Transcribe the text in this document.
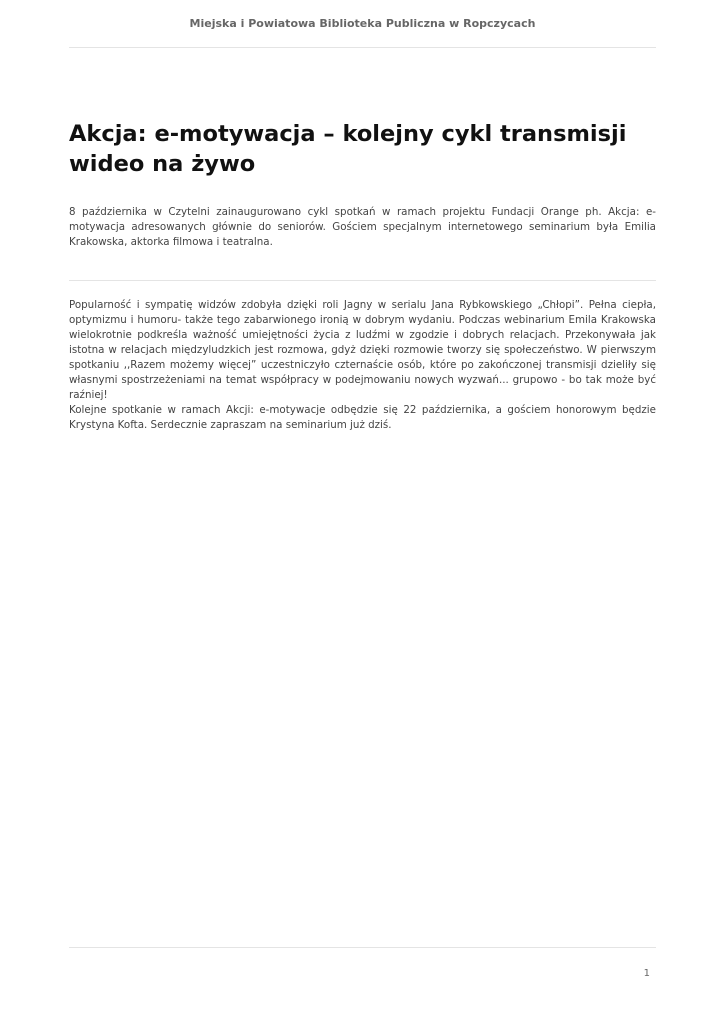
Miejska i Powiatowa Biblioteka Publiczna w Ropczycach
Akcja: e-motywacja – kolejny cykl transmisji wideo na żywo

8 października w Czytelni zainaugurowano cykl spotkań w ramach projektu Fundacji Orange ph. Akcja: e-motywacja adresowanych głównie do seniorów. Gościem specjalnym internetowego seminarium była Emilia Krakowska, aktorka filmowa i teatralna.

Popularność i sympatię widzów zdobyła dzięki roli Jagny w serialu Jana Rybkowskiego „Chłopi”. Pełna ciepła, optymizmu i humoru- także tego zabarwionego ironią w dobrym wydaniu. Podczas webinarium Emila Krakowska wielokrotnie podkreśla ważność umiejętności życia z ludźmi w zgodzie i dobrych relacjach. Przekonywała jak istotna w relacjach międzyludzkich jest rozmowa, gdyż dzięki rozmowie tworzy się społeczeństwo. W pierwszym spotkaniu ,,Razem możemy więcej” uczestniczyło czternaście osób, które po zakończonej transmisji dzieliły się własnymi spostrzeżeniami na temat współpracy w podejmowaniu nowych wyzwań... grupowo - bo tak może być raźniej!
Kolejne spotkanie w ramach Akcji: e-motywacje odbędzie się 22 października, a gościem honorowym będzie Krystyna Kofta. Serdecznie zapraszam na seminarium już dziś.
1
